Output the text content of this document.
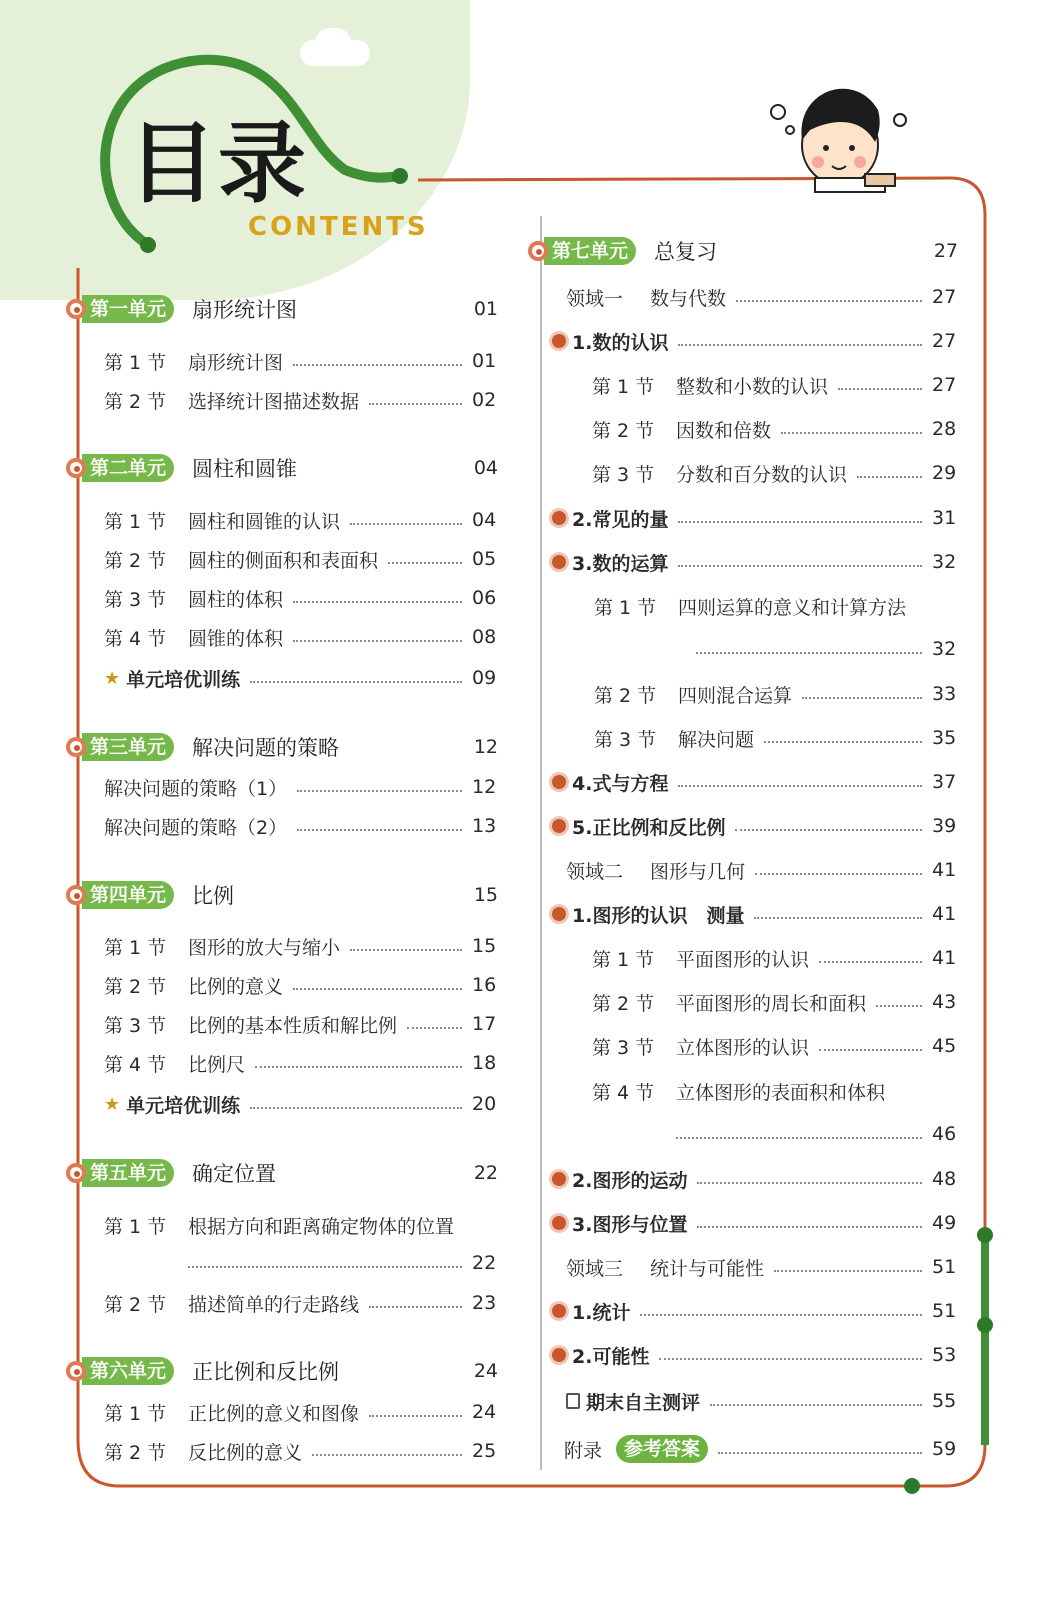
目录
CONTENTS
第一单元	扇形统计图	01
第 1 节	扇形统计图	01
第 2 节	选择统计图描述数据	02
第二单元	圆柱和圆锥	04
第 1 节	圆柱和圆锥的认识	04
第 2 节	圆柱的侧面积和表面积	05
第 3 节	圆柱的体积	06
第 4 节	圆锥的体积	08
★ 单元培优训练	09
第三单元	解决问题的策略	12
解决问题的策略（1）	12
解决问题的策略（2）	13
第四单元	比例	15
第 1 节	图形的放大与缩小	15
第 2 节	比例的意义	16
第 3 节	比例的基本性质和解比例	17
第 4 节	比例尺	18
★ 单元培优训练	20
第五单元	确定位置	22
第 1 节	根据方向和距离确定物体的位置
22
第 2 节	描述简单的行走路线	23
第六单元	正比例和反比例	24
第 1 节	正比例的意义和图像	24
第 2 节	反比例的意义	25
第七单元	总复习	27
领域一	数与代数	27
1.数的认识	27
第 1 节	整数和小数的认识	27
第 2 节	因数和倍数	28
第 3 节	分数和百分数的认识	29
2.常见的量	31
3.数的运算	32
第 1 节	四则运算的意义和计算方法
32
第 2 节	四则混合运算	33
第 3 节	解决问题	35
4.式与方程	37
5.正比例和反比例	39
领域二	图形与几何	41
1.图形的认识　测量	41
第 1 节	平面图形的认识	41
第 2 节	平面图形的周长和面积	43
第 3 节	立体图形的认识	45
第 4 节	立体图形的表面积和体积
46
2.图形的运动	48
3.图形与位置	49
领域三	统计与可能性	51
1.统计	51
2.可能性	53
期末自主测评	55
附录	参考答案	59
